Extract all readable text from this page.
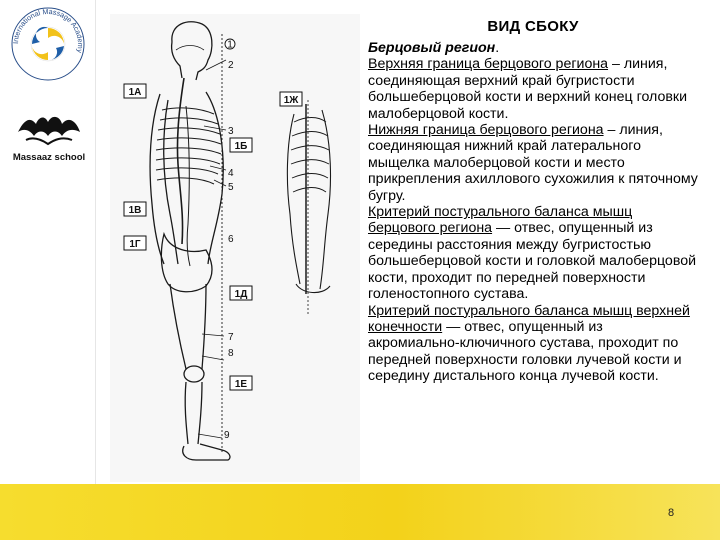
International Massage Academy
Massaaz school
1А
1В
1Г
1Б
1Д
1Е
1Ж
1
2
3
4
5
6
7
8
9
ВИД СБОКУ

Берцовый регион.

Верхняя граница берцового региона – линия, соединяющая верхний край бугристости большеберцовой кости и верхний конец головки малоберцовой кости.

Нижняя граница берцового региона – линия, соединяющая нижний край латерального мыщелка малоберцовой кости и место прикрепления ахиллового сухожилия к пяточному бугру.

Критерий постурального баланса мышц берцового региона — отвес, опущенный из середины расстояния между бугристостью большеберцовой кости и головкой малоберцовой кости, проходит по передней поверхности голеностопного сустава.

Критерий постурального баланса мышц верхней конечности — отвес, опущенный из акромиально-ключичного сустава, проходит по передней поверхности головки лучевой кости и середину дистального конца лучевой кости.

8
